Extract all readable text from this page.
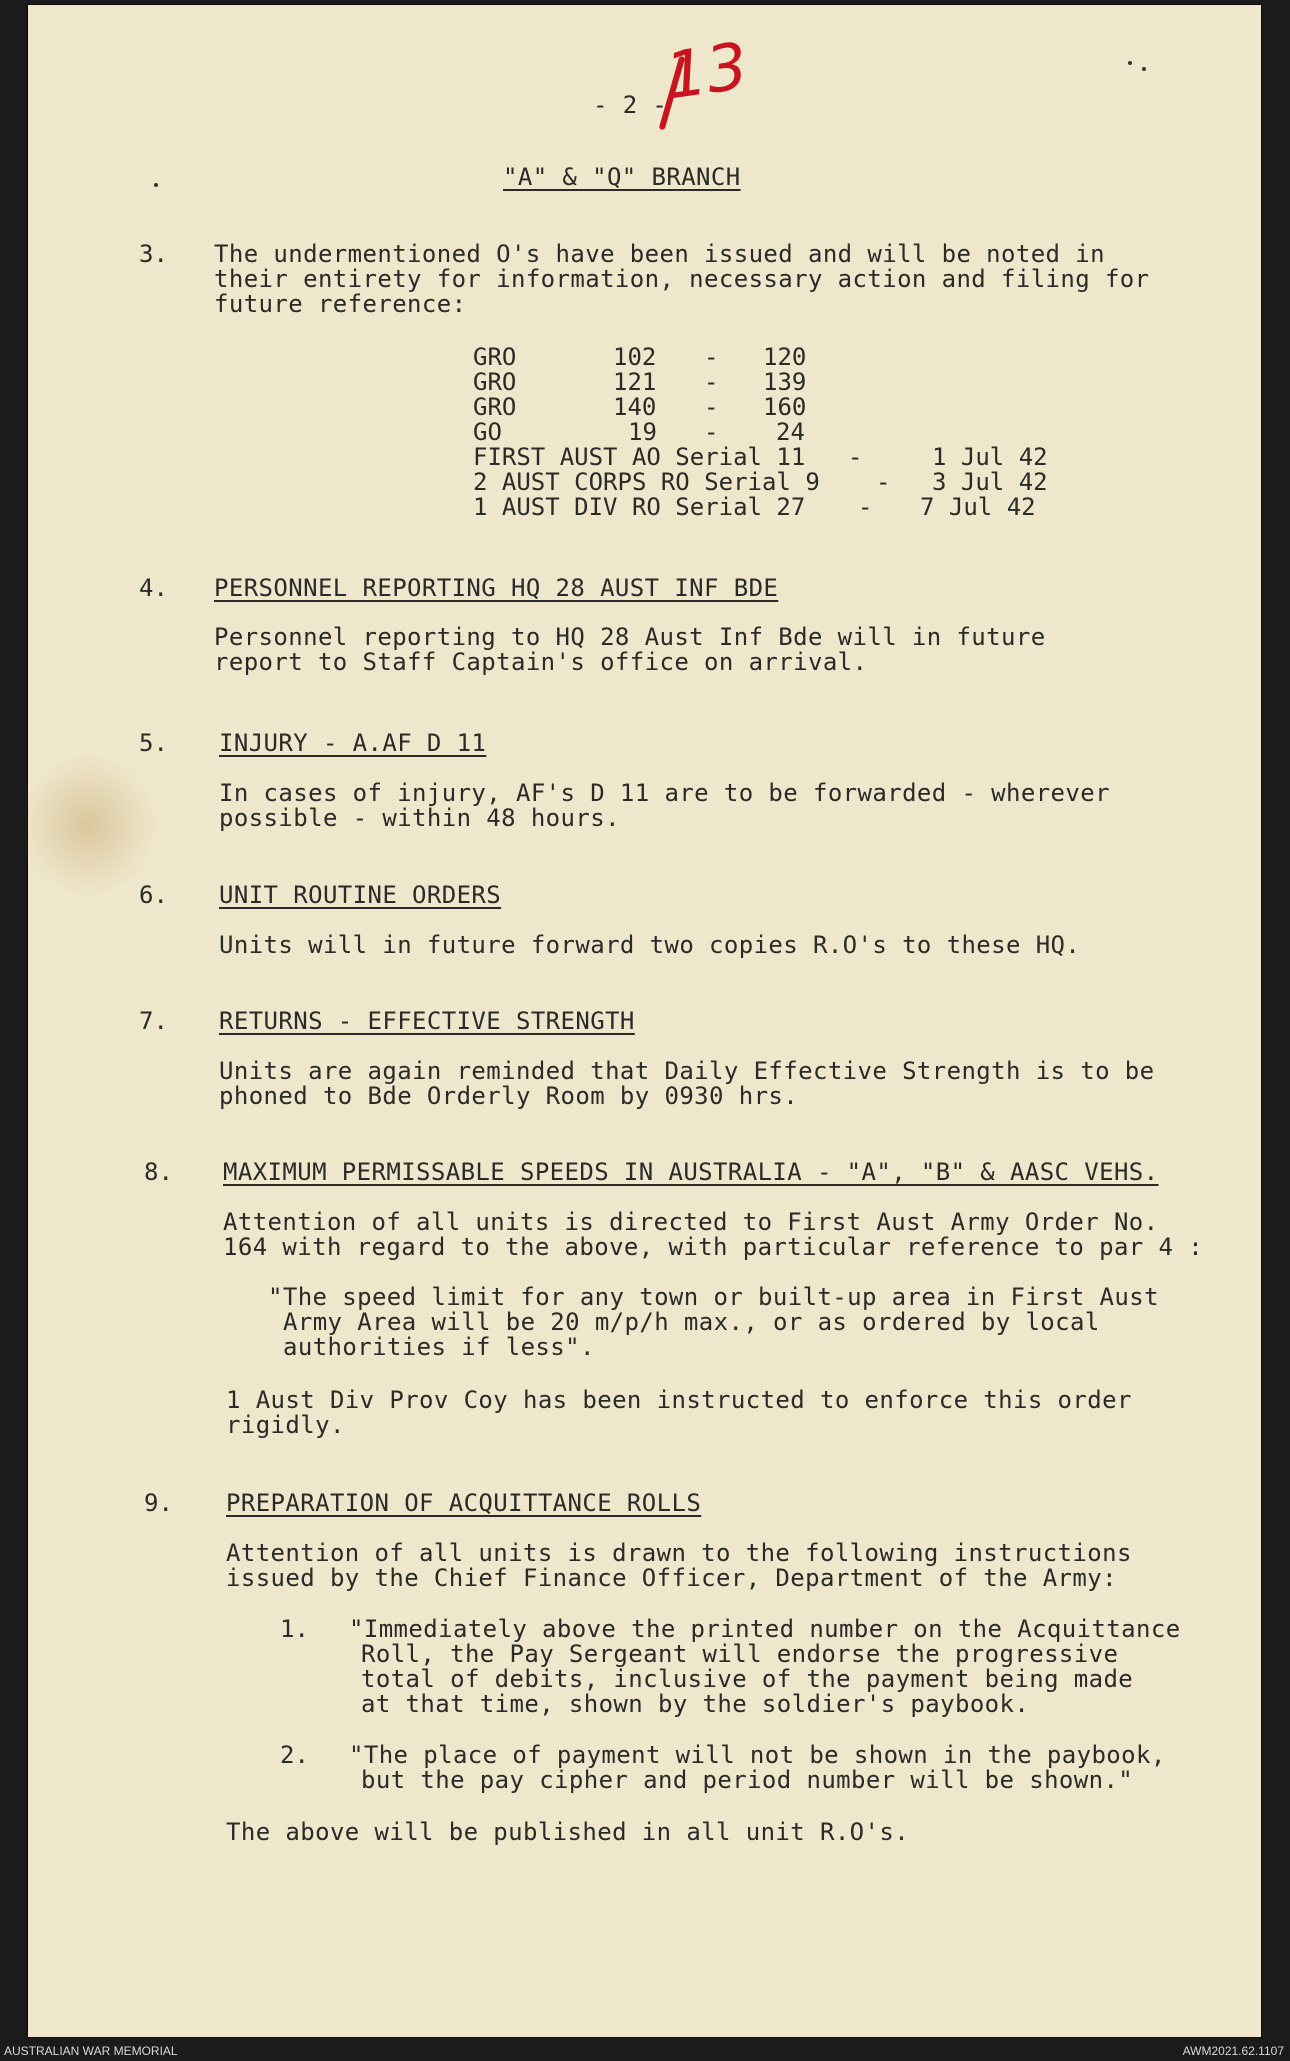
13
- 2 -
"A" & "Q" BRANCH
3. The undermentioned O's have been issued and will be noted in
their entirety for information, necessary action and filing for
future reference:
GRO	102 - 120
GRO	121 - 139
GRO	140 - 160
GO	19 - 24
FIRST AUST AO Serial 11 -	1 Jul 42
2 AUST CORPS RO Serial 9 - 3 Jul 42
1 AUST DIV RO Serial 27 - 7 Jul 42
4. PERSONNEL REPORTING HQ 28 AUST INF BDE
Personnel reporting to HQ 28 Aust Inf Bde will in future
report to Staff Captain's office on arrival.
5. INJURY - A.AF D 11
In cases of injury, AF's D 11 are to be forwarded - wherever
possible - within 48 hours.
6. UNIT ROUTINE ORDERS
Units will in future forward two copies R.O's to these HQ.
7. RETURNS - EFFECTIVE STRENGTH
Units are again reminded that Daily Effective Strength is to be
phoned to Bde Orderly Room by 0930 hrs.
8. MAXIMUM PERMISSABLE SPEEDS IN AUSTRALIA - "A", "B" & AASC VEHS.
Attention of all units is directed to First Aust Army Order No.
164 with regard to the above, with particular reference to par 4 :
"The speed limit for any town or built-up area in First Aust
Army Area will be 20 m/p/h max., or as ordered by local
authorities if less".
1 Aust Div Prov Coy has been instructed to enforce this order
rigidly.
9. PREPARATION OF ACQUITTANCE ROLLS
Attention of all units is drawn to the following instructions
issued by the Chief Finance Officer, Department of the Army:
1. "Immediately above the printed number on the Acquittance
Roll, the Pay Sergeant will endorse the progressive
total of debits, inclusive of the payment being made
at that time, shown by the soldier's paybook.
2. "The place of payment will not be shown in the paybook,
but the pay cipher and period number will be shown."
The above will be published in all unit R.O's.
AUSTRALIAN WAR MEMORIAL	AWM2021.62.1107
